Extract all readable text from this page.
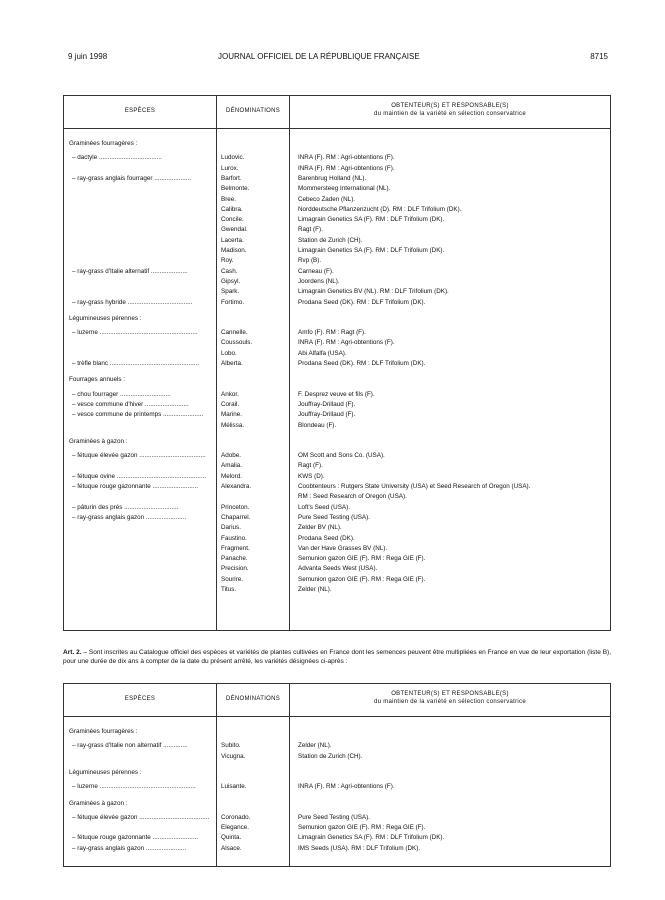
9 juin 1998	JOURNAL OFFICIEL DE LA RÉPUBLIQUE FRANÇAISE	8715
ESPÈCES	DÉNOMINATIONS
OBTENTEUR(S) ET RESPONSABLE(S)
du maintien de la variété en sélection conservatrice
Graminées fourragères :
– dactyle ....................................	Ludovic.	INRA (F). RM : Agri-obtentions (F).
Lurox.	INRA (F). RM : Agri-obtentions (F).
– ray-grass anglais fourrager .....................	Barfort.	Barenbrug Holland (NL).
Belmonte.	Mommersteeg International (NL).
Bree.	Cebeco Zaden (NL).
Calibra.	Norddeutsche Pflanzenzucht (D). RM : DLF Trifolium (DK).
Concile.	Limagrain Genetics SA (F). RM : DLF Trifolium (DK).
Gwendal.	Ragt (F).
Lacerta.	Station de Zurich (CH).
Madison.	Limagrain Genetics SA (F). RM : DLF Trifolium (DK).
Roy.	Rvp (B).
– ray-grass d'Italie alternatif .....................	Cash.	Carneau (F).
Gipsyl.	Joordens (NL).
Spark.	Limagrain Genetics BV (NL). RM : DLF Trifolium (DK).
– ray-grass hybride .....................................	Fortimo.	Prodana Seed (DK). RM : DLF Trifolium (DK).
Légumineuses pérennes :
– luzerne ........................................................	Cannelle.	Amfo (F). RM : Ragt (F).
Coussouls.	INRA (F). RM : Agri-obtentions (F).
Lobo.	Abi Alfalfa (USA).
– trèfle blanc ...................................................	Alberta.	Prodana Seed (DK). RM : DLF Trifolium (DK).
Fourrages annuels :
– chou fourrager .............................	Ankor.	F. Desprez veuve et fils (F).
– vesce commune d'hiver .........................	Corail.	Jouffray-Drillaud (F).
– vesce commune de printemps .......................	Marine.	Jouffray-Drillaud (F).
Mélissa.	Blondeau (F).
Graminées à gazon :
– fétuque élevée gazon ......................................	Adobe.	OM Scott and Sons Co. (USA).
Amalia.	Ragt (F).
– fétuque ovine ...................................................	Melord.	KWS (D).
– fétuque rouge gazonnante ..........................	Alexandra.	Coobtenteurs : Rutgers State University (USA) et Seed Research of Oregon (USA).
RM : Seed Research of Oregon (USA).
– pâturin des prés ...............................	Princeton.	Loft's Seed (USA).
– ray-grass anglais gazon .......................	Chaparrel.	Pure Seed Testing (USA).
Darius.	Zelder BV (NL).
Faustino.	Prodana Seed (DK).
Fragment.	Van der Have Grasses BV (NL).
Panache.	Semunion gazon GIE (F). RM : Rega GIE (F).
Precision.	Advanta Seeds West (USA).
Sourire.	Semunion gazon GIE (F). RM : Rega GIE (F).
Titus.	Zelder (NL).
Art. 2. – Sont inscrites au Catalogue officiel des espèces et variétés de plantes cultivées en France dont les semences peuvent être multipliées en France en vue de leur exportation (liste B), pour une durée de dix ans à compter de la date du présent arrêté, les variétés désignées ci-après :
ESPÈCES	DÉNOMINATIONS
OBTENTEUR(S) ET RESPONSABLE(S)
du maintien de la variété en sélection conservatrice
Graminées fourragères :
– ray-grass d'Italie non alternatif ..............	Subito.	Zelder (NL).
Vicugna.	Station de Zurich (CH).
Légumineuses pérennes :
– luzerne .......................................................	Luisante.	INRA (F). RM : Agri-obtentions (F).
Graminées à gazon :
– fétuque élevée gazon ........................................	Coronado.	Pure Seed Testing (USA).
Elegance.	Semunion gazon GIE (F). RM : Rega GIE (F).
– fétuque rouge gazonnante ..........................	Quinta.	Limagrain Genetics SA (F). RM : DLF Trifolium (DK).
– ray-grass anglais gazon .......................	Alsace.	IMS Seeds (USA). RM : DLF Trifolium (DK).
